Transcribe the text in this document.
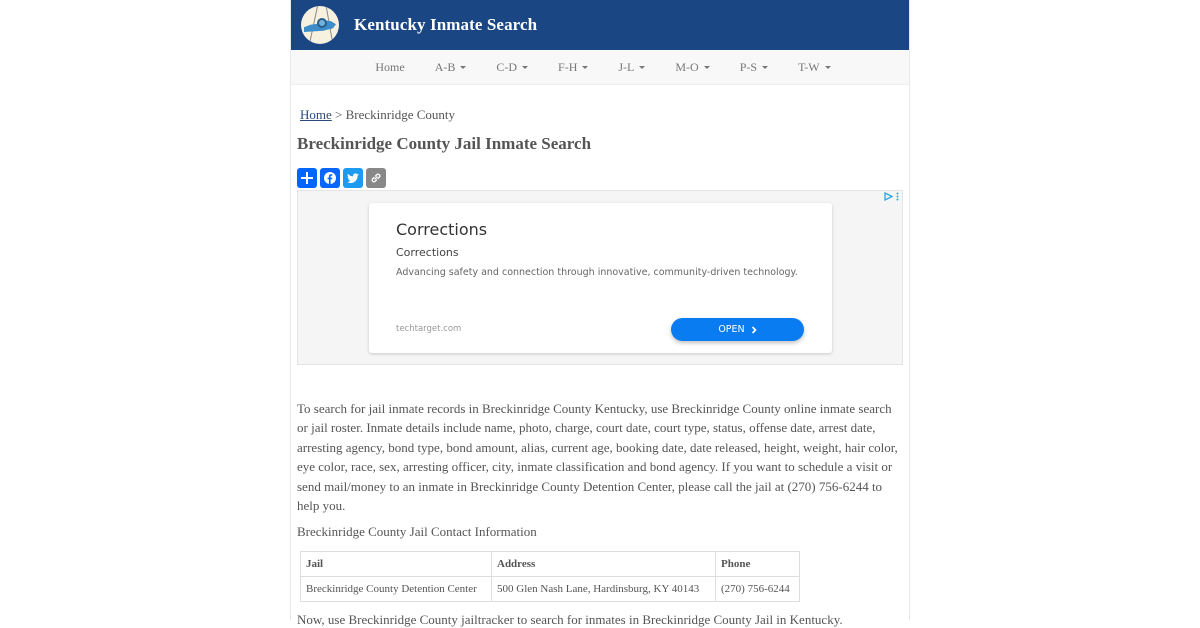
Kentucky Inmate Search
Home	A-B	C-D	F-H	J-L	M-O	P-S	T-W
Home > Breckinridge County
Breckinridge County Jail Inmate Search
Corrections
Corrections
Advancing safety and connection through innovative, community-driven technology.
techtarget.com	OPEN

To search for jail inmate records in Breckinridge County Kentucky, use Breckinridge County online inmate search or jail roster. Inmate details include name, photo, charge, court date, court type, status, offense date, arrest date, arresting agency, bond type, bond amount, alias, current age, booking date, date released, height, weight, hair color, eye color, race, sex, arresting officer, city, inmate classification and bond agency. If you want to schedule a visit or send mail/money to an inmate in Breckinridge County Detention Center, please call the jail at (270) 756-6244 to help you.

Breckinridge County Jail Contact Information

Jail	Address	Phone
Breckinridge County Detention Center	500 Glen Nash Lane, Hardinsburg, KY 40143	(270) 756-6244

Now, use Breckinridge County jailtracker to search for inmates in Breckinridge County Jail in Kentucky.
